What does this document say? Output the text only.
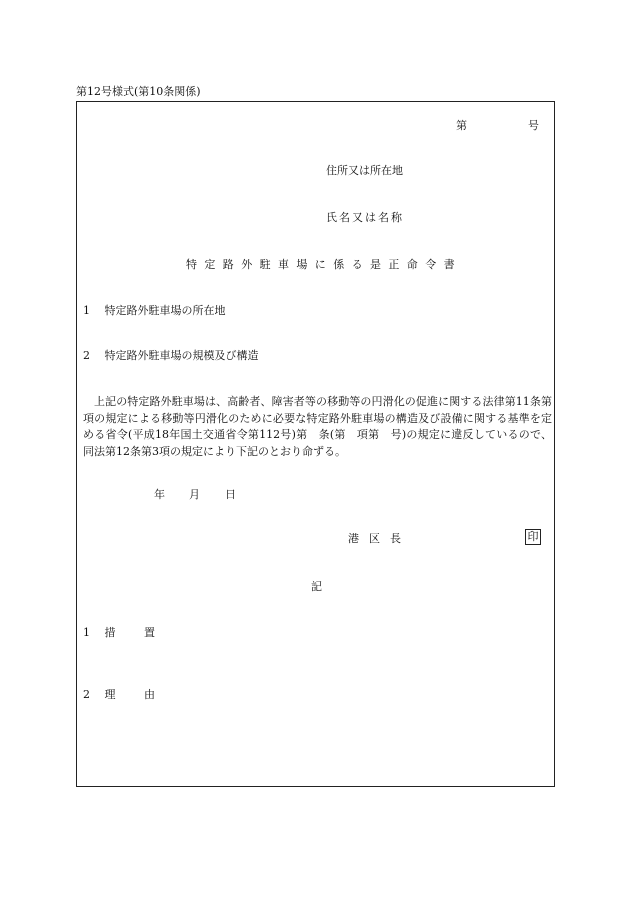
第12号様式(第10条関係)
第	号
住所又は所在地
氏名又は名称
特定路外駐車場に係る是正命令書
1 特定路外駐車場の所在地
2 特定路外駐車場の規模及び構造
上記の特定路外駐車場は、高齢者、障害者等の移動等の円滑化の促進に関する法律第11条第　項の規定による移動等円滑化のために必要な特定路外駐車場の構造及び設備に関する基準を定める省令(平成18年国土交通省令第112号)第　条(第　項第　号)の規定に違反しているので、同法第12条第3項の規定により下記のとおり命ずる。
年 月 日
港区長	印
記
1 措	置
2 理	由
